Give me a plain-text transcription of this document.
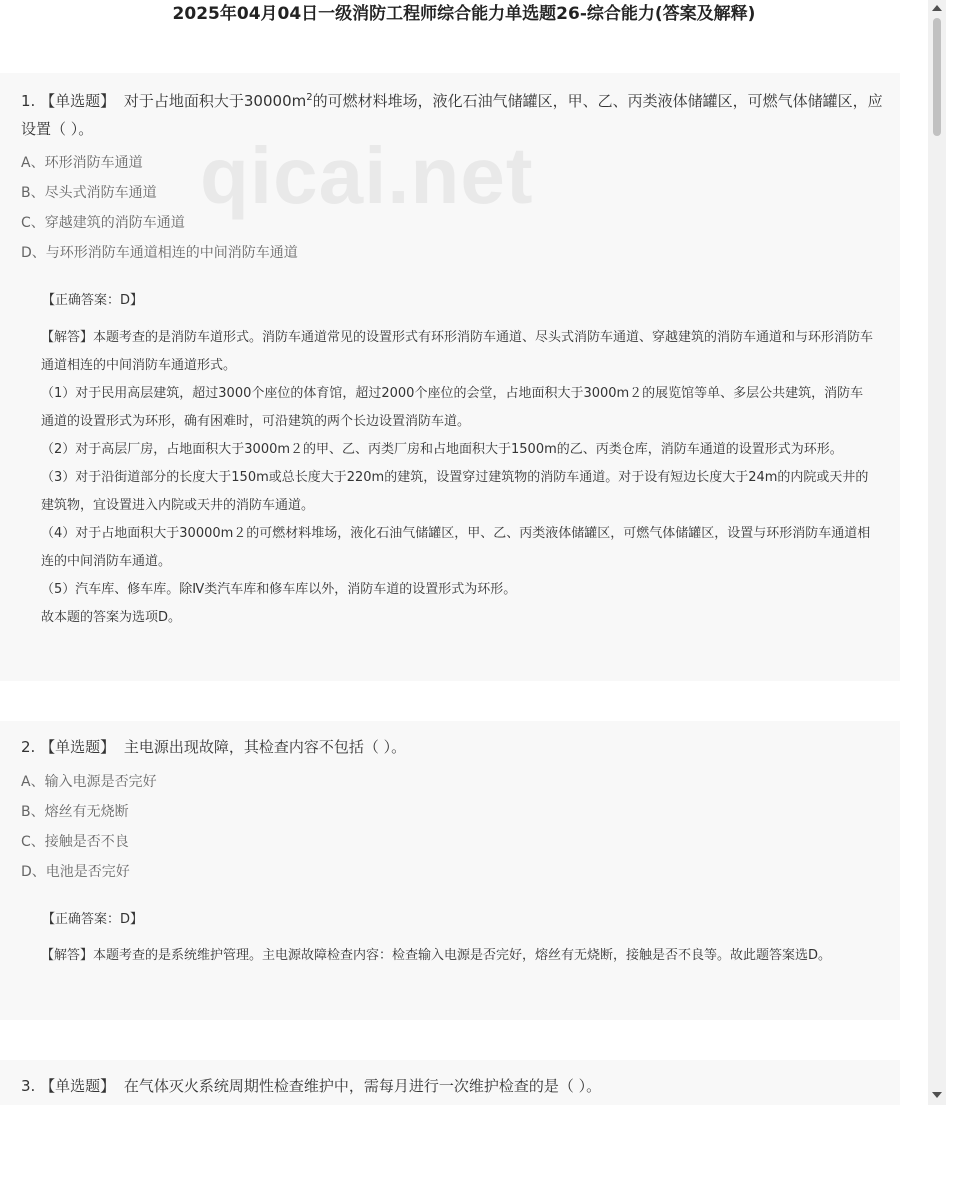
2025年04月04日一级消防工程师综合能力单选题26-综合能力(答案及解释)
1. 【单选题】 对于占地面积大于$30000m^2$的可燃材料堆场，液化石油气储罐区，甲、乙、丙类液体储罐区，可燃气体储罐区，应设置（ ）。
A、环形消防车通道
B、尽头式消防车通道
C、穿越建筑的消防车通道
D、与环形消防车通道相连的中间消防车通道
【正确答案：D】

【解答】本题考查的是消防车道形式。消防车通道常见的设置形式有环形消防车通道、尽头式消防车通道、穿越建筑的消防车通道和与环形消防车通道相连的中间消防车通道形式。

（1）对于民用高层建筑，超过3000个座位的体育馆，超过2000个座位的会堂，占地面积大于3000m２的展览馆等单、多层公共建筑，消防车通道的设置形式为环形，确有困难时，可沿建筑的两个长边设置消防车道。

（2）对于高层厂房，占地面积大于3000m２的甲、乙、丙类厂房和占地面积大于1500m的乙、丙类仓库，消防车通道的设置形式为环形。

（3）对于沿街道部分的长度大于150m或总长度大于220m的建筑，设置穿过建筑物的消防车通道。对于设有短边长度大于24m的内院或天井的建筑物，宜设置进入内院或天井的消防车通道。

（4）对于占地面积大于30000m２的可燃材料堆场，液化石油气储罐区，甲、乙、丙类液体储罐区，可燃气体储罐区，设置与环形消防车通道相连的中间消防车通道。

（5）汽车库、修车库。除Ⅳ类汽车库和修车库以外，消防车道的设置形式为环形。

故本题的答案为选项D。

qicai.net
2. 【单选题】 主电源出现故障，其检查内容不包括（ ）。
A、输入电源是否完好
B、熔丝有无烧断
C、接触是否不良
D、电池是否完好
【正确答案：D】

【解答】本题考查的是系统维护管理。主电源故障检查内容：检查输入电源是否完好，熔丝有无烧断，接触是否不良等。故此题答案选D。

3. 【单选题】 在气体灭火系统周期性检查维护中，需每月进行一次维护检查的是（ ）。
